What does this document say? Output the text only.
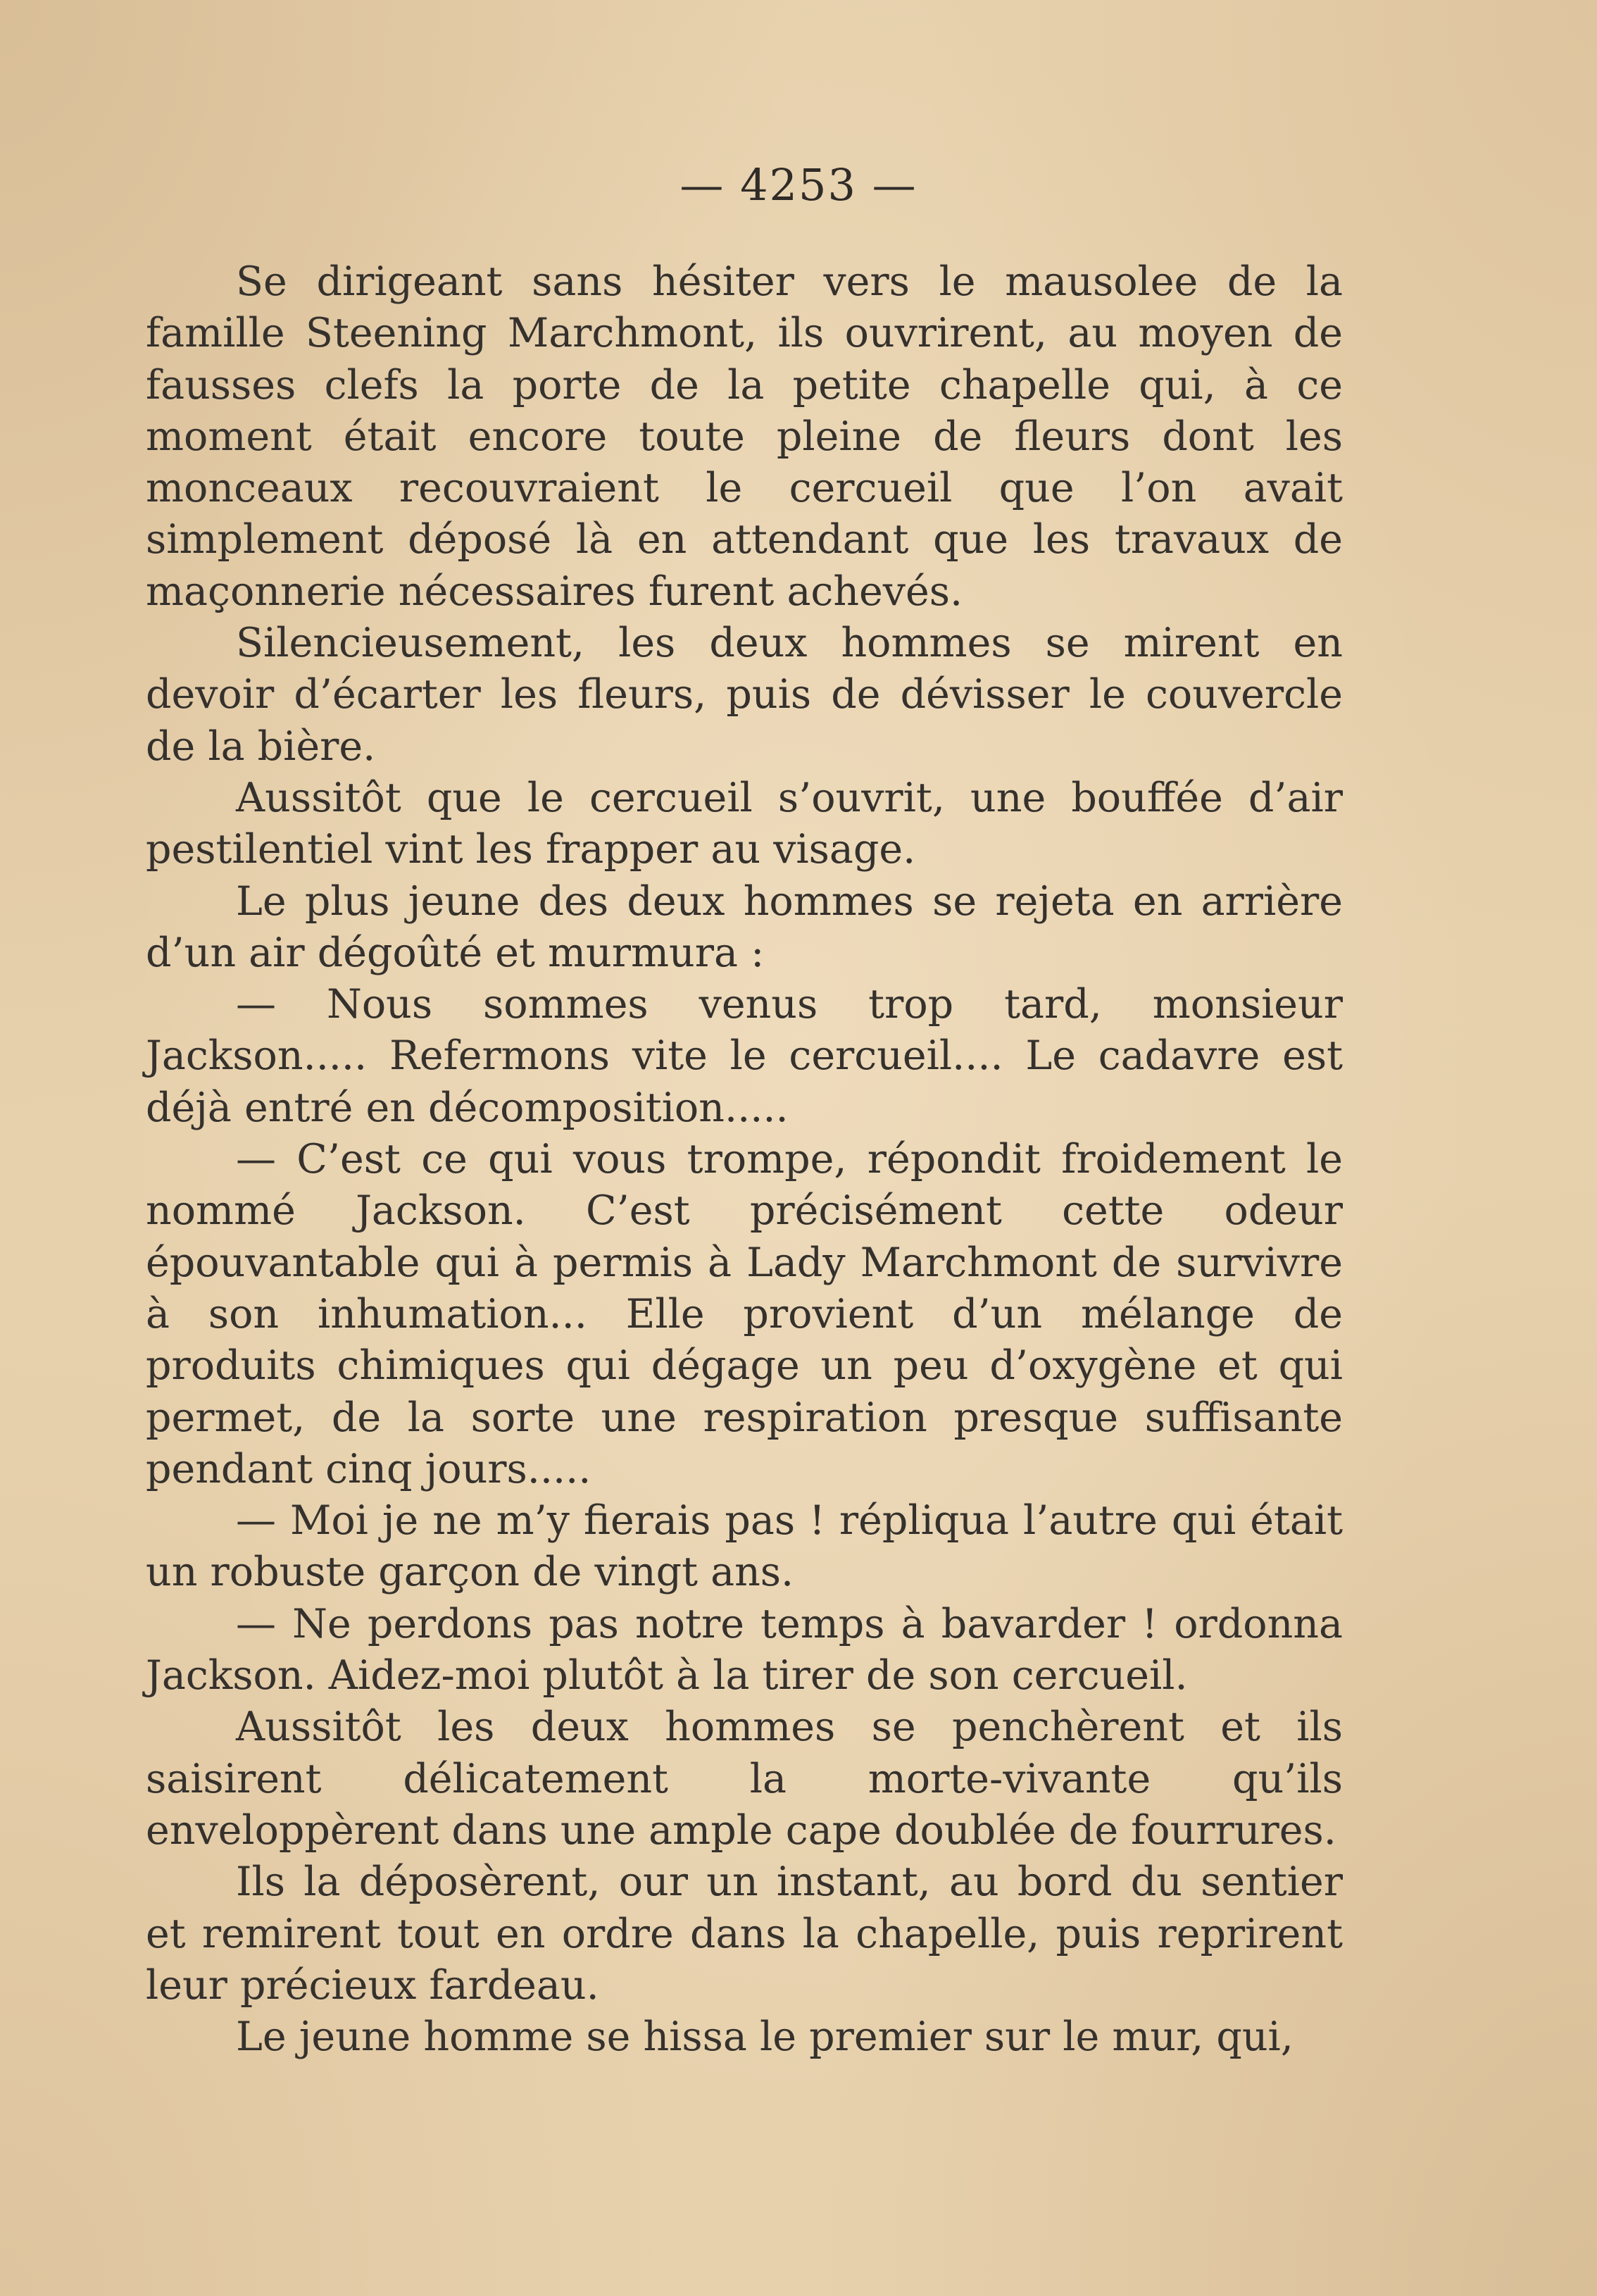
— 4253 —

Se dirigeant sans hésiter vers le mausolee de la famille Steening Marchmont, ils ouvrirent, au moyen de fausses clefs la porte de la petite chapelle qui, à ce moment était encore toute pleine de fleurs dont les monceaux recouvraient le cercueil que l’on avait simplement déposé là en attendant que les travaux de maçonnerie nécessaires furent achevés.

Silencieusement, les deux hommes se mirent en devoir d’écarter les fleurs, puis de dévisser le couvercle de la bière.

Aussitôt que le cercueil s’ouvrit, une bouffée d’air pestilentiel vint les frapper au visage.

Le plus jeune des deux hommes se rejeta en arrière d’un air dégoûté et murmura :

— Nous sommes venus trop tard, monsieur Jackson..... Refermons vite le cercueil.... Le cadavre est déjà entré en décomposition.....

— C’est ce qui vous trompe, répondit froidement le nommé Jackson. C’est précisément cette odeur épouvantable qui à permis à Lady Marchmont de survivre à son inhumation... Elle provient d’un mélange de produits chimiques qui dégage un peu d’oxygène et qui permet, de la sorte une respiration presque suffisante pendant cinq jours.....

— Moi je ne m’y fierais pas ! répliqua l’autre qui était un robuste garçon de vingt ans.

— Ne perdons pas notre temps à bavarder ! ordonna Jackson. Aidez-moi plutôt à la tirer de son cercueil.

Aussitôt les deux hommes se penchèrent et ils saisirent délicatement la morte-vivante qu’ils enveloppèrent dans une ample cape doublée de fourrures.

Ils la déposèrent, our un instant, au bord du sentier et remirent tout en ordre dans la chapelle, puis reprirent leur précieux fardeau.

Le jeune homme se hissa le premier sur le mur, qui,
